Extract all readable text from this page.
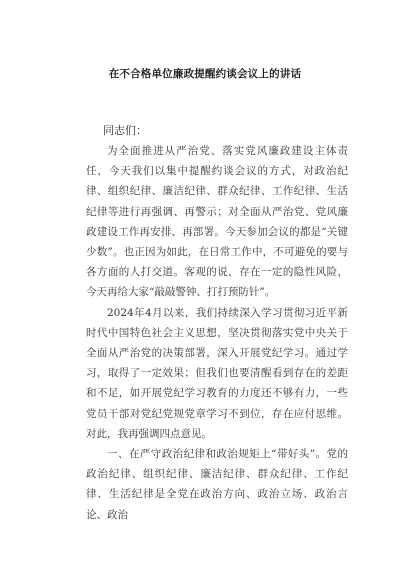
在不合格单位廉政提醒约谈会议上的讲话
同志们：

为全面推进从严治党、落实党风廉政建设主体责任，今天我们以集中提醒约谈会议的方式，对政治纪律、组织纪律、廉洁纪律、群众纪律、工作纪律、生活纪律等进行再强调、再警示；对全面从严治党、党风廉政建设工作再安排、再部署。今天参加会议的都是“关键少数”。也正因为如此，在日常工作中，不可避免的要与各方面的人打交道。客观的说，存在一定的隐性风险，今天再给大家“敲敲警钟、打打预防针”。

2024年4月以来，我们持续深入学习贯彻习近平新时代中国特色社会主义思想，坚决贯彻落实党中央关于全面从严治党的决策部署，深入开展党纪学习。通过学习，取得了一定效果；但我们也要清醒看到存在的差距和不足，如开展党纪学习教育的力度还不够有力，一些党员干部对党纪党规党章学习不到位，存在应付思维。对此，我再强调四点意见。

一、在严守政治纪律和政治规矩上“带好头”。党的政治纪律、组织纪律、廉洁纪律、群众纪律、工作纪律、生活纪律是全党在政治方向、政治立场、政治言论、政治
